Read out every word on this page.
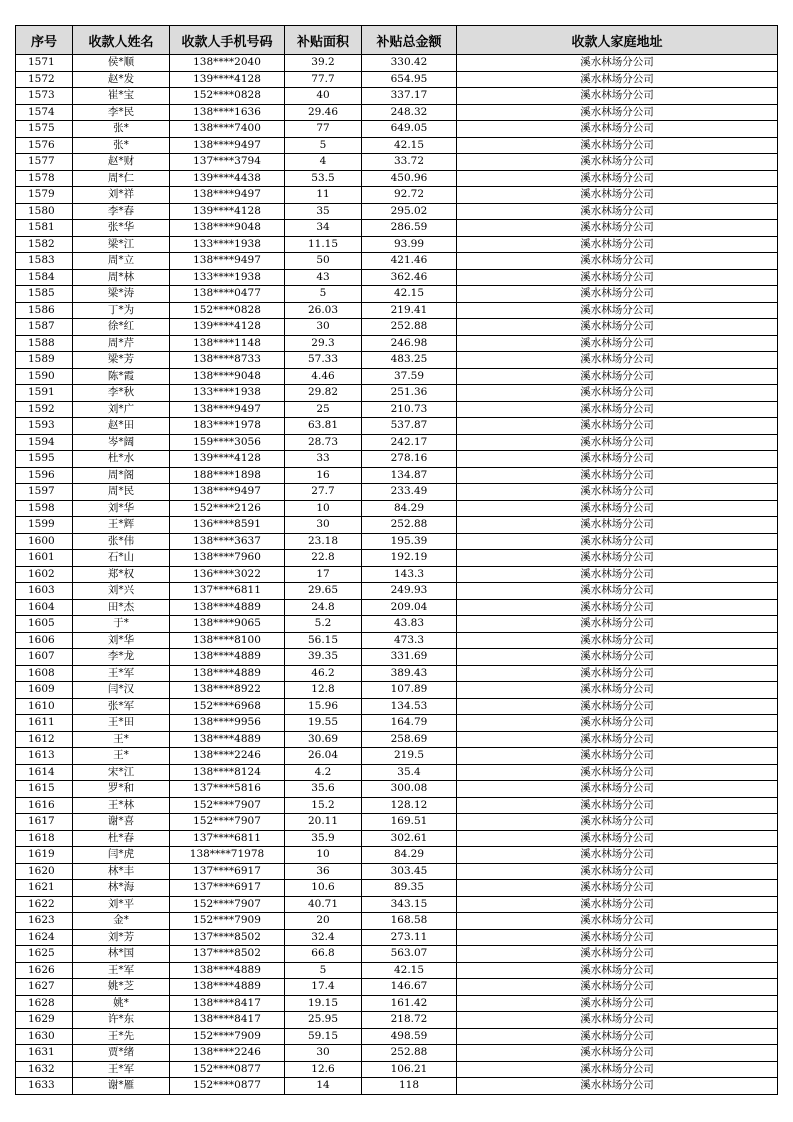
序号	收款人姓名	收款人手机号码	补贴面积	补贴总金额	收款人家庭地址
1571	侯*顺	138****2040	39.2	330.42	溪水林场分公司
1572	赵*发	139****4128	77.7	654.95	溪水林场分公司
1573	崔*宝	152****0828	40	337.17	溪水林场分公司
1574	李*民	138****1636	29.46	248.32	溪水林场分公司
1575	张*	138****7400	77	649.05	溪水林场分公司
1576	张*	138****9497	5	42.15	溪水林场分公司
1577	赵*财	137****3794	4	33.72	溪水林场分公司
1578	周*仁	139****4438	53.5	450.96	溪水林场分公司
1579	刘*祥	138****9497	11	92.72	溪水林场分公司
1580	李*春	139****4128	35	295.02	溪水林场分公司
1581	张*华	138****9048	34	286.59	溪水林场分公司
1582	梁*江	133****1938	11.15	93.99	溪水林场分公司
1583	周*立	138****9497	50	421.46	溪水林场分公司
1584	周*林	133****1938	43	362.46	溪水林场分公司
1585	梁*涛	138****0477	5	42.15	溪水林场分公司
1586	丁*为	152****0828	26.03	219.41	溪水林场分公司
1587	徐*红	139****4128	30	252.88	溪水林场分公司
1588	周*芹	138****1148	29.3	246.98	溪水林场分公司
1589	梁*芳	138****8733	57.33	483.25	溪水林场分公司
1590	陈*霞	138****9048	4.46	37.59	溪水林场分公司
1591	李*秋	133****1938	29.82	251.36	溪水林场分公司
1592	刘*广	138****9497	25	210.73	溪水林场分公司
1593	赵*田	183****1978	63.81	537.87	溪水林场分公司
1594	岑*阔	159****3056	28.73	242.17	溪水林场分公司
1595	杜*水	139****4128	33	278.16	溪水林场分公司
1596	周*阁	188****1898	16	134.87	溪水林场分公司
1597	周*民	138****9497	27.7	233.49	溪水林场分公司
1598	刘*华	152****2126	10	84.29	溪水林场分公司
1599	王*辉	136****8591	30	252.88	溪水林场分公司
1600	张*伟	138****3637	23.18	195.39	溪水林场分公司
1601	石*山	138****7960	22.8	192.19	溪水林场分公司
1602	郑*权	136****3022	17	143.3	溪水林场分公司
1603	刘*兴	137****6811	29.65	249.93	溪水林场分公司
1604	田*杰	138****4889	24.8	209.04	溪水林场分公司
1605	于*	138****9065	5.2	43.83	溪水林场分公司
1606	刘*华	138****8100	56.15	473.3	溪水林场分公司
1607	李*龙	138****4889	39.35	331.69	溪水林场分公司
1608	王*军	138****4889	46.2	389.43	溪水林场分公司
1609	闫*汉	138****8922	12.8	107.89	溪水林场分公司
1610	张*军	152****6968	15.96	134.53	溪水林场分公司
1611	王*田	138****9956	19.55	164.79	溪水林场分公司
1612	王*	138****4889	30.69	258.69	溪水林场分公司
1613	王*	138****2246	26.04	219.5	溪水林场分公司
1614	宋*江	138****8124	4.2	35.4	溪水林场分公司
1615	罗*和	137****5816	35.6	300.08	溪水林场分公司
1616	王*林	152****7907	15.2	128.12	溪水林场分公司
1617	谢*喜	152****7907	20.11	169.51	溪水林场分公司
1618	杜*春	137****6811	35.9	302.61	溪水林场分公司
1619	闫*虎	138****71978	10	84.29	溪水林场分公司
1620	林*丰	137****6917	36	303.45	溪水林场分公司
1621	林*海	137****6917	10.6	89.35	溪水林场分公司
1622	刘*平	152****7907	40.71	343.15	溪水林场分公司
1623	金*	152****7909	20	168.58	溪水林场分公司
1624	刘*芳	137****8502	32.4	273.11	溪水林场分公司
1625	林*国	137****8502	66.8	563.07	溪水林场分公司
1626	王*军	138****4889	5	42.15	溪水林场分公司
1627	姚*芝	138****4889	17.4	146.67	溪水林场分公司
1628	姚*	138****8417	19.15	161.42	溪水林场分公司
1629	许*东	138****8417	25.95	218.72	溪水林场分公司
1630	王*先	152****7909	59.15	498.59	溪水林场分公司
1631	贾*绪	138****2246	30	252.88	溪水林场分公司
1632	王*军	152****0877	12.6	106.21	溪水林场分公司
1633	谢*雁	152****0877	14	118	溪水林场分公司
